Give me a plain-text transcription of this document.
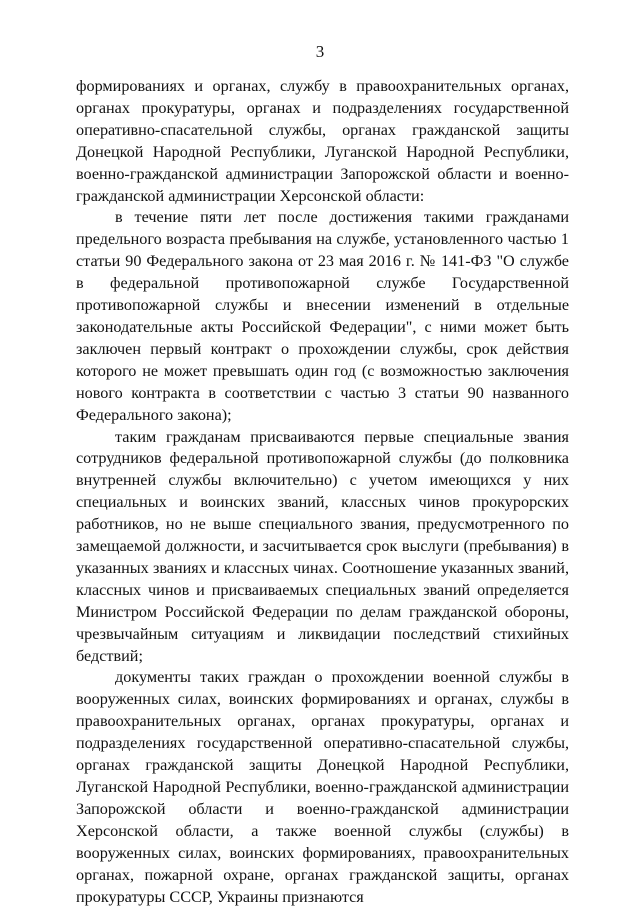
3

формированиях и органах, службу в правоохранительных органах, органах прокуратуры, органах и подразделениях государственной оперативно-спасательной службы, органах гражданской защиты Донецкой Народной Республики, Луганской Народной Республики, военно-гражданской администрации Запорожской области и военно-гражданской администрации Херсонской области:

в течение пяти лет после достижения такими гражданами предельного возраста пребывания на службе, установленного частью 1 статьи 90 Федерального закона от 23 мая 2016 г. № 141-ФЗ "О службе в федеральной противопожарной службе Государственной противопожарной службы и внесении изменений в отдельные законодательные акты Российской Федерации", с ними может быть заключен первый контракт о прохождении службы, срок действия которого не может превышать один год (с возможностью заключения нового контракта в соответствии с частью 3 статьи 90 названного Федерального закона);

таким гражданам присваиваются первые специальные звания сотрудников федеральной противопожарной службы (до полковника внутренней службы включительно) с учетом имеющихся у них специальных и воинских званий, классных чинов прокурорских работников, но не выше специального звания, предусмотренного по замещаемой должности, и засчитывается срок выслуги (пребывания) в указанных званиях и классных чинах. Соотношение указанных званий, классных чинов и присваиваемых специальных званий определяется Министром Российской Федерации по делам гражданской обороны, чрезвычайным ситуациям и ликвидации последствий стихийных бедствий;

документы таких граждан о прохождении военной службы в вооруженных силах, воинских формированиях и органах, службы в правоохранительных органах, органах прокуратуры, органах и подразделениях государственной оперативно-спасательной службы, органах гражданской защиты Донецкой Народной Республики, Луганской Народной Республики, военно-гражданской администрации Запорожской области и военно-гражданской администрации Херсонской области, а также военной службы (службы) в вооруженных силах, воинских формированиях, правоохранительных органах, пожарной охране, органах гражданской защиты, органах прокуратуры СССР, Украины признаются
